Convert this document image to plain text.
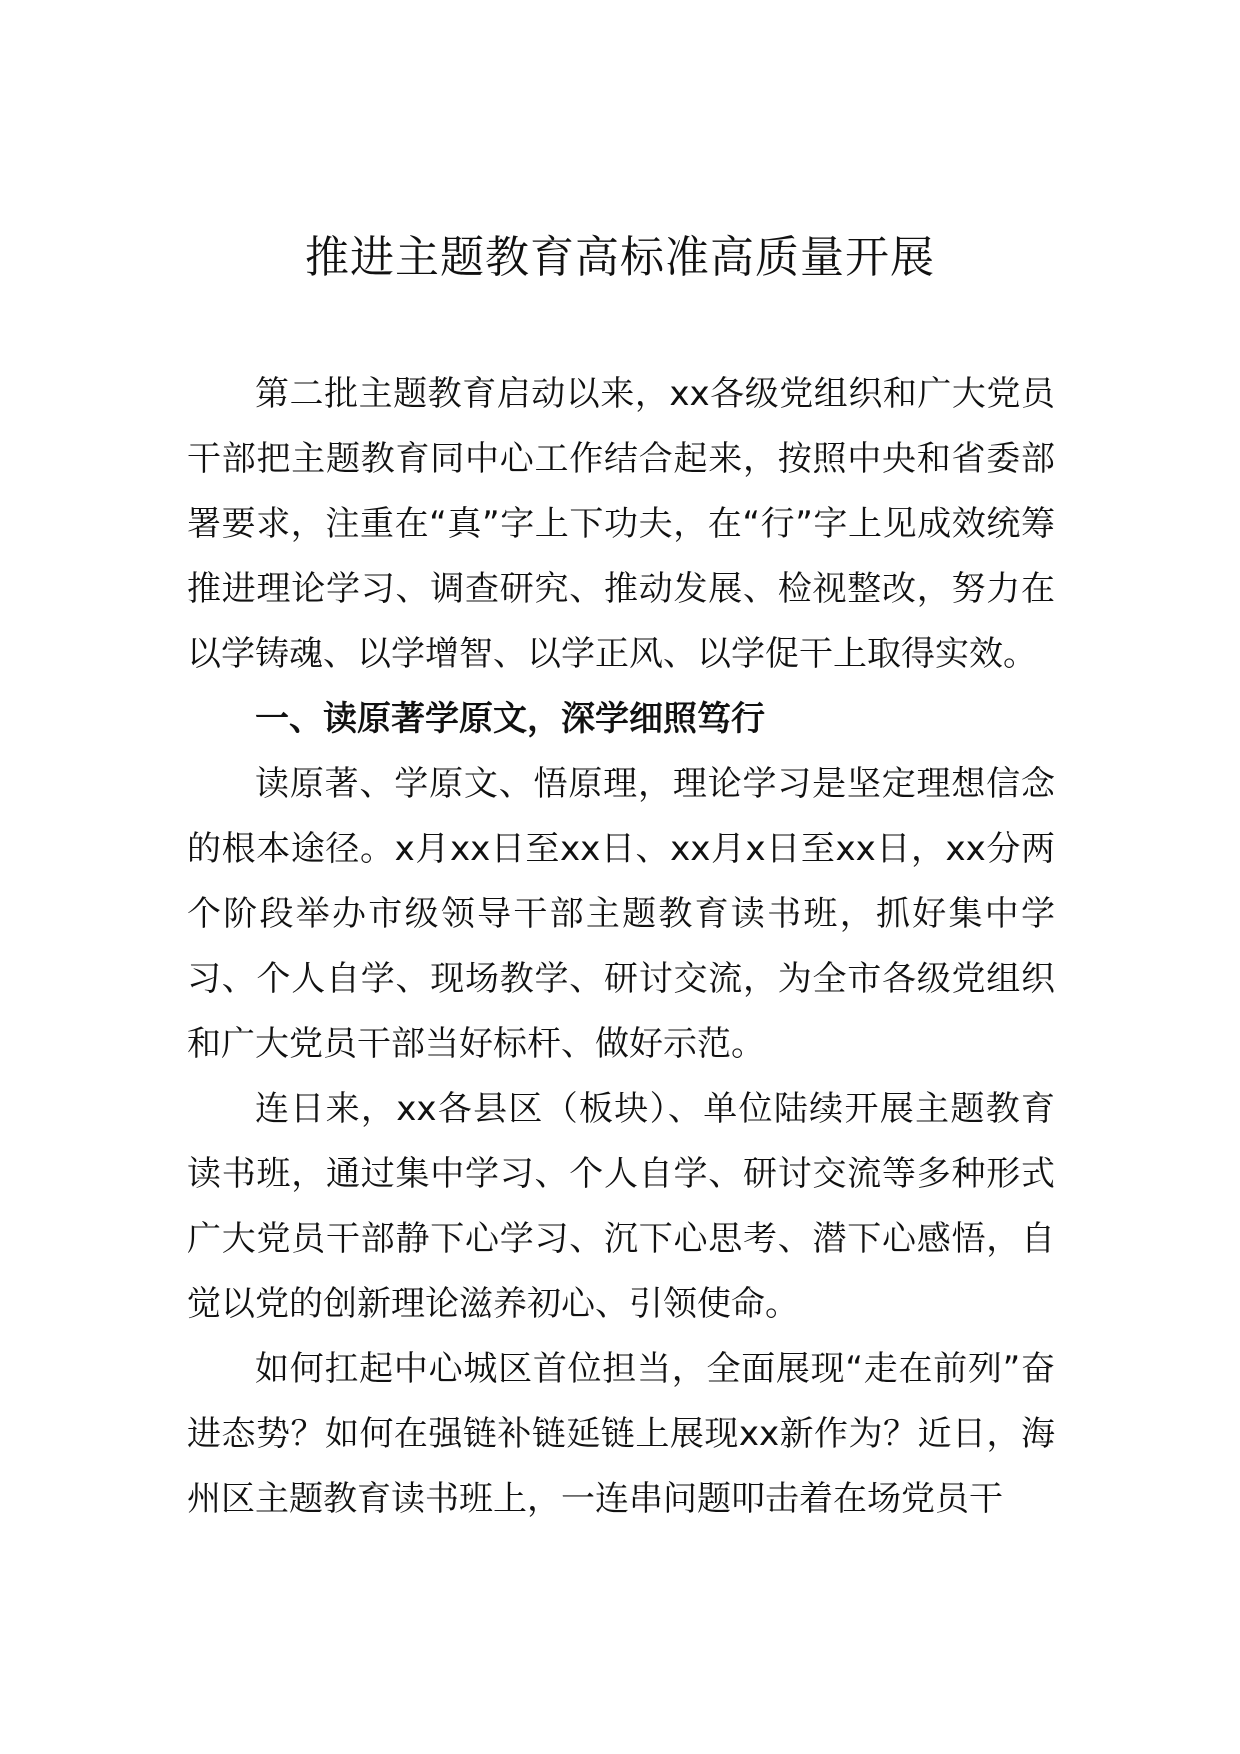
推进主题教育高标准高质量开展

第二批主题教育启动以来，xx各级党组织和广大党员干部把主题教育同中心工作结合起来，按照中央和省委部署要求，注重在“真”字上下功夫，在“行”字上见成效统筹推进理论学习、调查研究、推动发展、检视整改，努力在以学铸魂、以学增智、以学正风、以学促干上取得实效。

一、读原著学原文，深学细照笃行

读原著、学原文、悟原理，理论学习是坚定理想信念的根本途径。x月xx日至xx日、xx月x日至xx日，xx分两个阶段举办市级领导干部主题教育读书班，抓好集中学习、个人自学、现场教学、研讨交流，为全市各级党组织和广大党员干部当好标杆、做好示范。

连日来，xx各县区（板块）、单位陆续开展主题教育读书班，通过集中学习、个人自学、研讨交流等多种形式广大党员干部静下心学习、沉下心思考、潜下心感悟，自觉以党的创新理论滋养初心、引领使命。

如何扛起中心城区首位担当，全面展现“走在前列”奋进态势？如何在强链补链延链上展现xx新作为？近日，海州区主题教育读书班上，一连串问题叩击着在场党员干
